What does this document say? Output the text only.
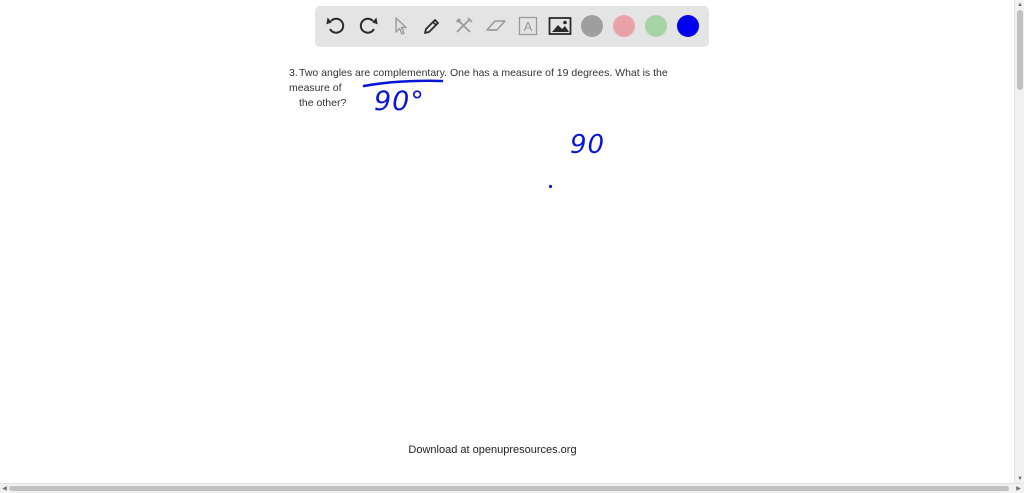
A
3.Two angles are complementary. One has a measure of 19 degrees. What is the measure of
the other?	90°
90
Download at openupresources.org
▲
▼
◀	▶
